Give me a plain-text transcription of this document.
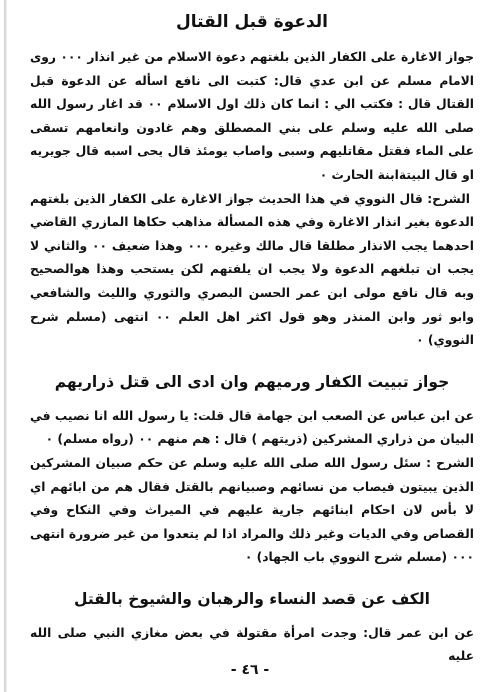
الدعوة قبل القتال

جواز الاغارة على الكفار الذين بلغتهم دعوة الاسلام من غير انذار ٠٠٠ روى الامام مسلم عن ابن عدي قال: كتبت الى نافع اسأله عن الدعوة قبل القتال قال : فكتب الي : انما كان ذلك اول الاسلام ٠٠ قد اغار رسول الله صلى الله عليه وسلم على بني المصطلق وهم غادون وانعامهم تسقى على الماء فقتل مقاتليهم وسبى واصاب يومئذ قال يحى اسبه قال جويريه او قال البيتةابنة الحارث ٠

الشرح: قال النووي في هذا الحديث جواز الاغارة على الكفار الذين بلغتهم الدعوة بغير انذار الاغارة وفي هذه المسألة مذاهب حكاها المازري القاضي احدهما يجب الانذار مطلقا قال مالك وغيره ٠٠٠ وهذا ضعيف ٠٠ والثاني لا يجب ان تبلغهم الدعوة ولا يجب ان يلفتهم لكن يستحب وهذا هوالصحيح وبه قال نافع مولى ابن عمر الحسن البصري والثوري والليث والشافعي وابو ثور وابن المنذر وهو قول اكثر اهل العلم ٠٠ انتهى (مسلم شرح النووي) ٠

جواز تبييت الكفار ورميهم وان ادى الى قتل ذراريهم

عن ابن عباس عن الصعب ابن جهامة قال قلت: يا رسول الله انا نصيب في البيان من ذراري المشركين (ذريتهم ) قال : هم منهم ٠٠ (رواه مسلم) ٠

الشرح : سئل رسول الله صلى الله عليه وسلم عن حكم صبيان المشركين الذين يبيتون فيصاب من نسائهم وصبيانهم بالقتل فقال هم من ابائهم اي لا بأس لان احكام ابنائهم جارية عليهم في الميراث وفي النكاح وفي القصاص وفي الديات وغير ذلك والمراد اذا لم يتعدوا من غير ضرورة انتهى ٠٠٠ (مسلم شرح النووي باب الجهاد) ٠

الكف عن قصد النساء والرهبان والشيوخ بالقتل

عن ابن عمر قال: وجدت امرأة مقتولة في بعض مغازي النبي صلى الله عليه

- ٤٦ -
